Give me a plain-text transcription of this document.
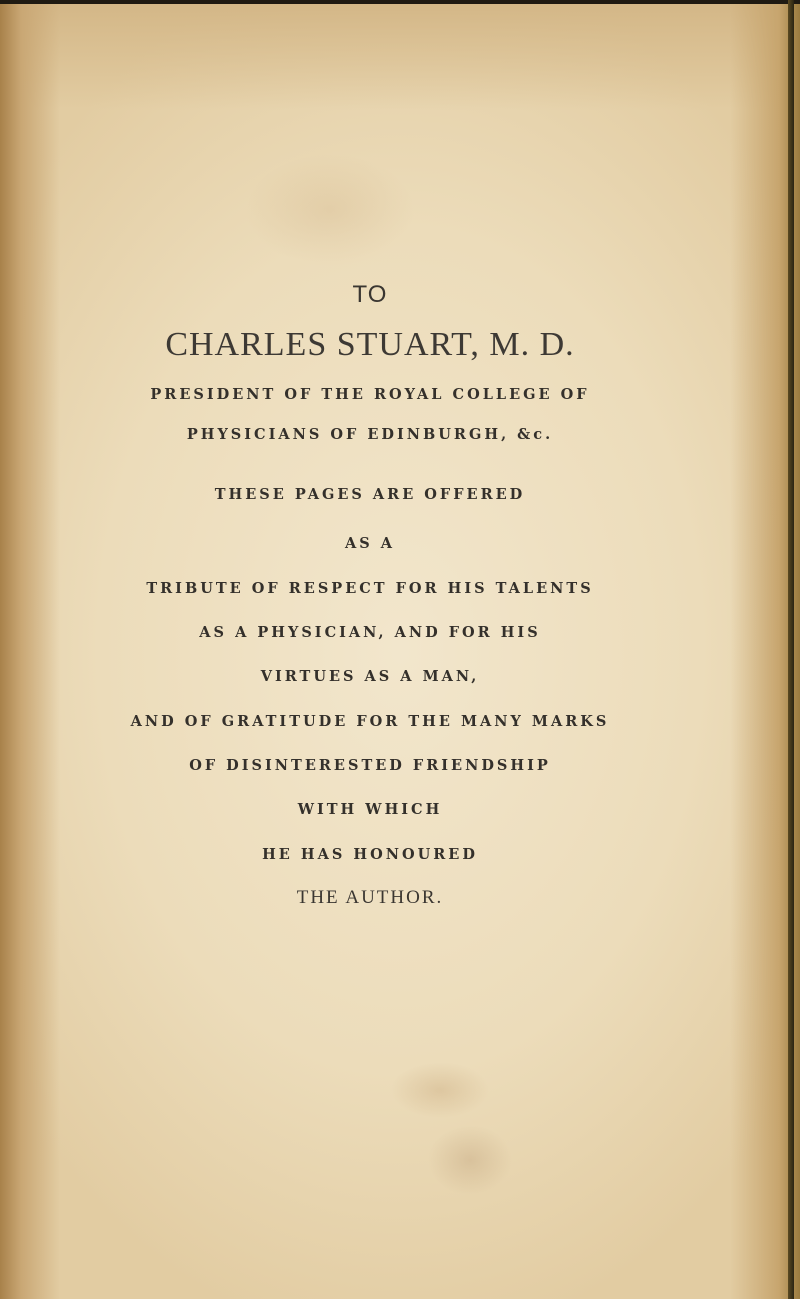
TO

CHARLES STUART, M. D.

PRESIDENT OF THE ROYAL COLLEGE OF

PHYSICIANS OF EDINBURGH, &c.

THESE PAGES ARE OFFERED

AS A

TRIBUTE OF RESPECT FOR HIS TALENTS

AS A PHYSICIAN, AND FOR HIS

VIRTUES AS A MAN,

AND OF GRATITUDE FOR THE MANY MARKS

OF DISINTERESTED FRIENDSHIP

WITH WHICH

HE HAS HONOURED

THE AUTHOR.
